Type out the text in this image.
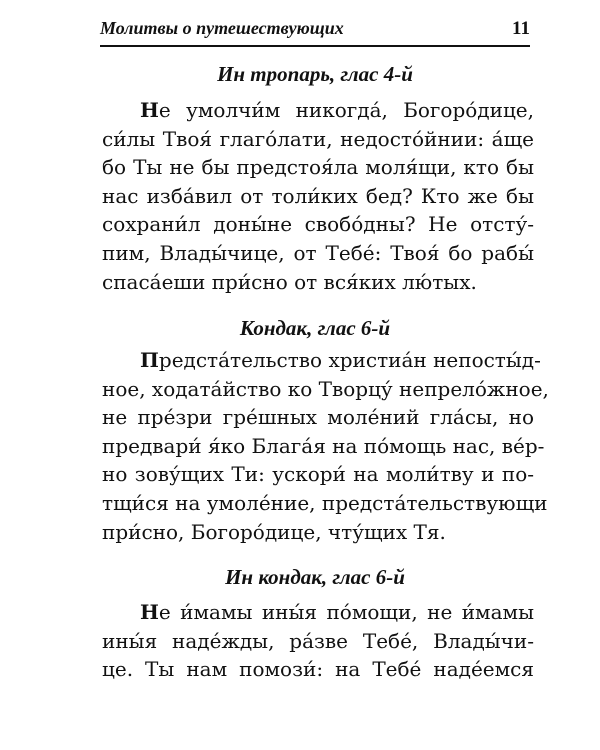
Молитвы о путешествующих	11
Ин тропарь, глас 4-й
Не умолчи́м никогда́, Богоро́дице,
си́лы Твоя́ глаго́лати, недосто́йнии: а́ще
бо Ты не бы предстоя́ла моля́щи, кто бы
нас изба́вил от толи́ких бед? Кто же бы
сохрани́л доны́не свобо́дны? Не отсту́-
пим, Влады́чице, от Тебе́: Твоя́ бо рабы́
спаса́еши при́сно от вся́ких лю́тых.
Кондак, глас 6-й
Предста́тельство христиа́н непосты́д-
ное, ходата́йство ко Творцу́ непрело́жное,
не пре́зри гре́шных моле́ний гла́сы, но
предвари́ я́ко Блага́я на по́мощь нас, ве́р-
но зову́щих Ти: ускори́ на моли́тву и по-
тщи́ся на умоле́ние, предста́тельствующи
при́сно, Богоро́дице, чту́щих Тя.
Ин кондак, глас 6-й
Не и́мамы ины́я по́мощи, не и́мамы
ины́я наде́жды, ра́зве Тебе́, Влады́чи-
це. Ты нам помози́: на Тебе́ наде́емся
